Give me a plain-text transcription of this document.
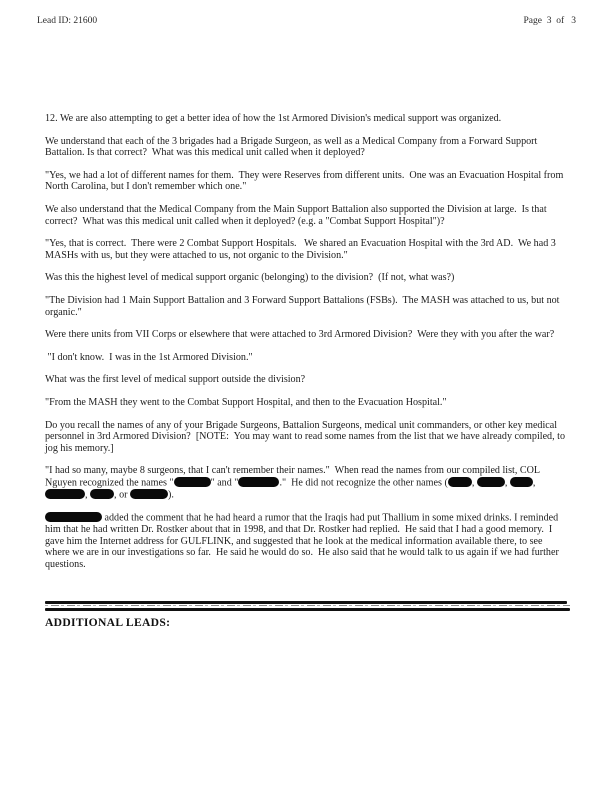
Lead ID: 21600	Page  3  of   3

12. We are also attempting to get a better idea of how the 1st Armored Division's medical support was organized.

We understand that each of the 3 brigades had a Brigade Surgeon, as well as a Medical Company from a Forward Support Battalion. Is that correct?  What was this medical unit called when it deployed?

"Yes, we had a lot of different names for them.  They were Reserves from different units.  One was an Evacuation Hospital from North Carolina, but I don't remember which one."

We also understand that the Medical Company from the Main Support Battalion also supported the Division at large.  Is that correct?  What was this medical unit called when it deployed? (e.g. a "Combat Support Hospital")?

"Yes, that is correct.  There were 2 Combat Support Hospitals.   We shared an Evacuation Hospital with the 3rd AD.  We had 3 MASHs with us, but they were attached to us, not organic to the Division."

Was this the highest level of medical support organic (belonging) to the division?  (If not, what was?)

"The Division had 1 Main Support Battalion and 3 Forward Support Battalions (FSBs).  The MASH was attached to us, but not organic."

Were there units from VII Corps or elsewhere that were attached to 3rd Armored Division?  Were they with you after the war?

"I don't know.  I was in the 1st Armored Division."

What was the first level of medical support outside the division?

"From the MASH they went to the Combat Support Hospital, and then to the Evacuation Hospital."

Do you recall the names of any of your Brigade Surgeons, Battalion Surgeons, medical unit commanders, or other key medical personnel in 3rd Armored Division?  [NOTE:  You may want to read some names from the list that we have already compiled, to jog his memory.]

"I had so many, maybe 8 surgeons, that I can't remember their names."  When read the names from our compiled list, COL Nguyen recognized the names "	" and "	."  He did not recognize the other names ( ,	, , , , or	).

added the comment that he had heard a rumor that the Iraqis had put Thallium in some mixed drinks. I reminded him that he had written Dr. Rostker about that in 1998, and that Dr. Rostker had replied.  He said that I had a good memory.  I gave him the Internet address for GULFLINK, and suggested that he look at the medical information available there, to see where we are in our investigations so far.  He said he would do so.  He also said that he would talk to us again if we had further questions.

ADDITIONAL LEADS:
